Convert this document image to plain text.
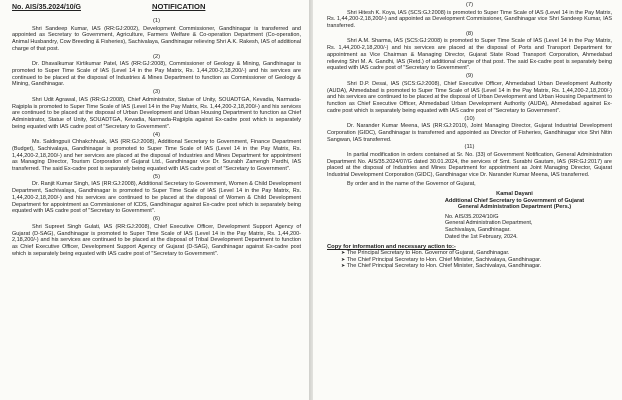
No. AIS/35.2024/10/G	NOTIFICATION
(1)
Shri Sandeep Kumar, IAS (RR:GJ:2002), Development Commissioner, Gandhinagar is transferred and appointed as Secretary to Government, Agriculture, Farmers Welfare & Co-operation Department (Co-operation, Animal Husbandry, Cow Breeding & Fisheries), Sachivalaya, Gandhinagar relieving Shri A.K. Rakesh, IAS of additional charge of that post.
(2)
Dr. Dhavalkumar Kirtikumar Patel, IAS (RR:GJ:2008), Commissioner of Geology & Mining, Gandhinagar is promoted to Super Time Scale of IAS (Level 14 in the Pay Matrix, Rs. 1,44,200-2,18,200/-) and his services are continued to be placed at the disposal of Industries & Mines Department to function as Commissioner of Geology & Mining, Gandhinagar.
(3)
Shri Udit Agrawal, IAS (RR:GJ:2008), Chief Administrator, Statue of Unity, SOUADTGA, Kevadia, Narmada-Rajpipla is promoted to Super Time Scale of IAS (Level 14 in the Pay Matrix, Rs. 1,44,200-2,18,200/-) and his services are continued to be placed at the disposal of Urban Development and Urban Housing Department to function as Chief Administrator, Statue of Unity, SOUADTGA, Kevadia, Narmada-Rajpipla against Ex-cadre post which is separately being equated with IAS cadre post of "Secretary to Government".
(4)
Ms. Saldingpuii Chhakchhuak, IAS (RR:GJ:2008), Additional Secretary to Government, Finance Department (Budget), Sachivalaya, Gandhinagar is promoted to Super Time Scale of IAS (Level 14 in the Pay Matrix, Rs. 1,44,200-2,18,200/-) and her services are placed at the disposal of Industries and Mines Department for appointment as Managing Director, Tourism Corporation of Gujarat Ltd., Gandhinagar vice Dr. Sourabh Zamengh Pardhi, IAS transferred. The said Ex-cadre post is separately being equated with IAS cadre post of "Secretary to Government".
(5)
Dr. Ranjit Kumar Singh, IAS (RR:GJ:2008), Additional Secretary to Government, Women & Child Development Department, Sachivalaya, Gandhinagar is promoted to Super Time Scale of IAS (Level 14 in the Pay Matrix, Rs. 1,44,200-2,18,200/-) and his services are continued to be placed at the disposal of Women & Child Development Department for appointment as Commissioner of ICDS, Gandhinagar against Ex-cadre post which is separately being equated with IAS cadre post of "Secretary to Government".
(6)
Shri Supreet Singh Gulati, IAS (RR:GJ:2008), Chief Executive Officer, Development Support Agency of Gujarat (D-SAG), Gandhinagar is promoted to Super Time Scale of IAS (Level 14 in the Pay Matrix, Rs. 1,44,200-2,18,200/-) and his services are continued to be placed at the disposal of Tribal Development Department to function as Chief Executive Officer, Development Support Agency of Gujarat (D-SAG), Gandhinagar against Ex-cadre post which is separately being equated with IAS cadre post of "Secretary to Government".
(7)
Shri Hitesh K. Koya, IAS (SCS:GJ:2008) is promoted to Super Time Scale of IAS (Level 14 in the Pay Matrix, Rs. 1,44,200-2,18,200/-) and appointed as Development Commissioner, Gandhinagar vice Shri Sandeep Kumar, IAS transferred.
(8)
Shri A.M. Sharma, IAS (SCS:GJ:2008) is promoted to Super Time Scale of IAS (Level 14 in the Pay Matrix, Rs. 1,44,200-2,18,200/-) and his services are placed at the disposal of Ports and Transport Department for appointment as Vice Chairman & Managing Director, Gujarat State Road Transport Corporation, Ahmedabad relieving Shri M. A. Gandhi, IAS (Retd.) of additional charge of that post. The said Ex-cadre post is separately being equated with IAS cadre post of "Secretary to Government".
(9)
Shri D.P. Desai, IAS (SCS:GJ:2008), Chief Executive Officer, Ahmedabad Urban Development Authority (AUDA), Ahmedabad is promoted to Super Time Scale of IAS (Level 14 in the Pay Matrix, Rs. 1,44,200-2,18,200/-) and his services are continued to be placed at the disposal of Urban Development and Urban Housing Department to function as Chief Executive Officer, Ahmedabad Urban Development Authority (AUDA), Ahmedabad against Ex-cadre post which is separately being equated with IAS cadre post of "Secretary to Government".
(10)
Dr. Narander Kumar Meena, IAS (RR:GJ:2010), Joint Managing Director, Gujarat Industrial Development Corporation (GIDC), Gandhinagar is transferred and appointed as Director of Fisheries, Gandhinagar vice Shri Nitin Sangwan, IAS transferred.
(11)
In partial modification in orders contained at Sr. No. (33) of Government Notification, General Administration Department No. AIS/35.2024/07/G dated 30.01.2024, the services of Smt. Surabhi Gautam, IAS (RR:GJ:2017) are placed at the disposal of Industries and Mines Department for appointment as Joint Managing Director, Gujarat Industrial Development Corporation (GIDC), Gandhinagar vice Dr. Narander Kumar Meena, IAS transferred.
By order and in the name of the Governor of Gujarat,
Kamal Dayani
Additional Chief Secretary to Government of Gujarat
General Administration Department (Pers.)
No. AIS/35.2024/10/G
General Administration Department,
Sachivalaya, Gandhinagar.
Dated the 1st February, 2024.
Copy for information and necessary action to:-
➤ The Principal Secretary to Hon. Governor of Gujarat, Gandhinagar.
➤ The Chief Principal Secretary to Hon. Chief Minister, Sachivalaya, Gandhinagar.
➤ The Chief Principal Secretary to Hon. Chief Minister, Sachivalaya, Gandhinagar.
